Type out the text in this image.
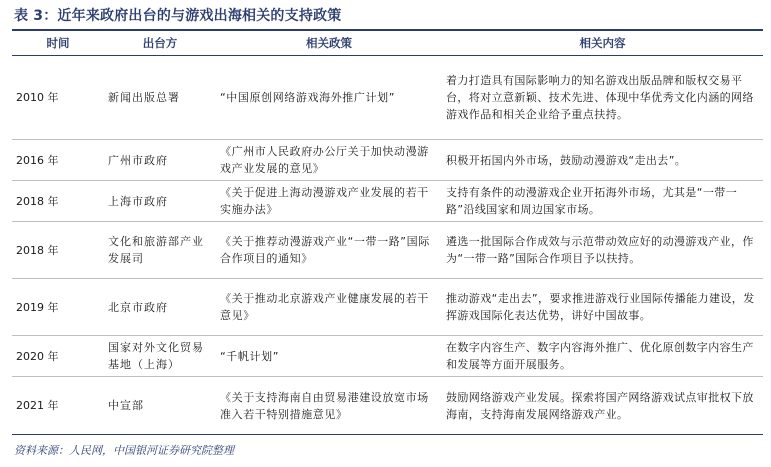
表 3：近年来政府出台的与游戏出海相关的支持政策
时间	出台方	相关政策	相关内容
2010 年	新闻出版总署	“中国原创网络游戏海外推广计划”	着力打造具有国际影响力的知名游戏出版品牌和版权交易平台，将对立意新颖、技术先进、体现中华优秀文化内涵的网络游戏作品和相关企业给予重点扶持。
2016 年	广州市政府	《广州市人民政府办公厅关于加快动漫游戏产业发展的意见》	积极开拓国内外市场，鼓励动漫游戏“走出去”。
2018 年	上海市政府	《关于促进上海动漫游戏产业发展的若干实施办法》	支持有条件的动漫游戏企业开拓海外市场，尤其是“一带一路”沿线国家和周边国家市场。
2018 年	文化和旅游部产业发展司	《关于推荐动漫游戏产业“一带一路”国际合作项目的通知》	遴选一批国际合作成效与示范带动效应好的动漫游戏产业，作为“一带一路”国际合作项目予以扶持。
2019 年	北京市政府	《关于推动北京游戏产业健康发展的若干意见》	推动游戏“走出去”，要求推进游戏行业国际传播能力建设，发挥游戏国际化表达优势，讲好中国故事。
2020 年	国家对外文化贸易基地（上海）	“千帆计划”	在数字内容生产、数字内容海外推广、优化原创数字内容生产和发展等方面开展服务。
2021 年	中宣部	《关于支持海南自由贸易港建设放宽市场准入若干特别措施意见》	鼓励网络游戏产业发展。探索将国产网络游戏试点审批权下放海南，支持海南发展网络游戏产业。
资料来源：人民网，中国银河证券研究院整理
